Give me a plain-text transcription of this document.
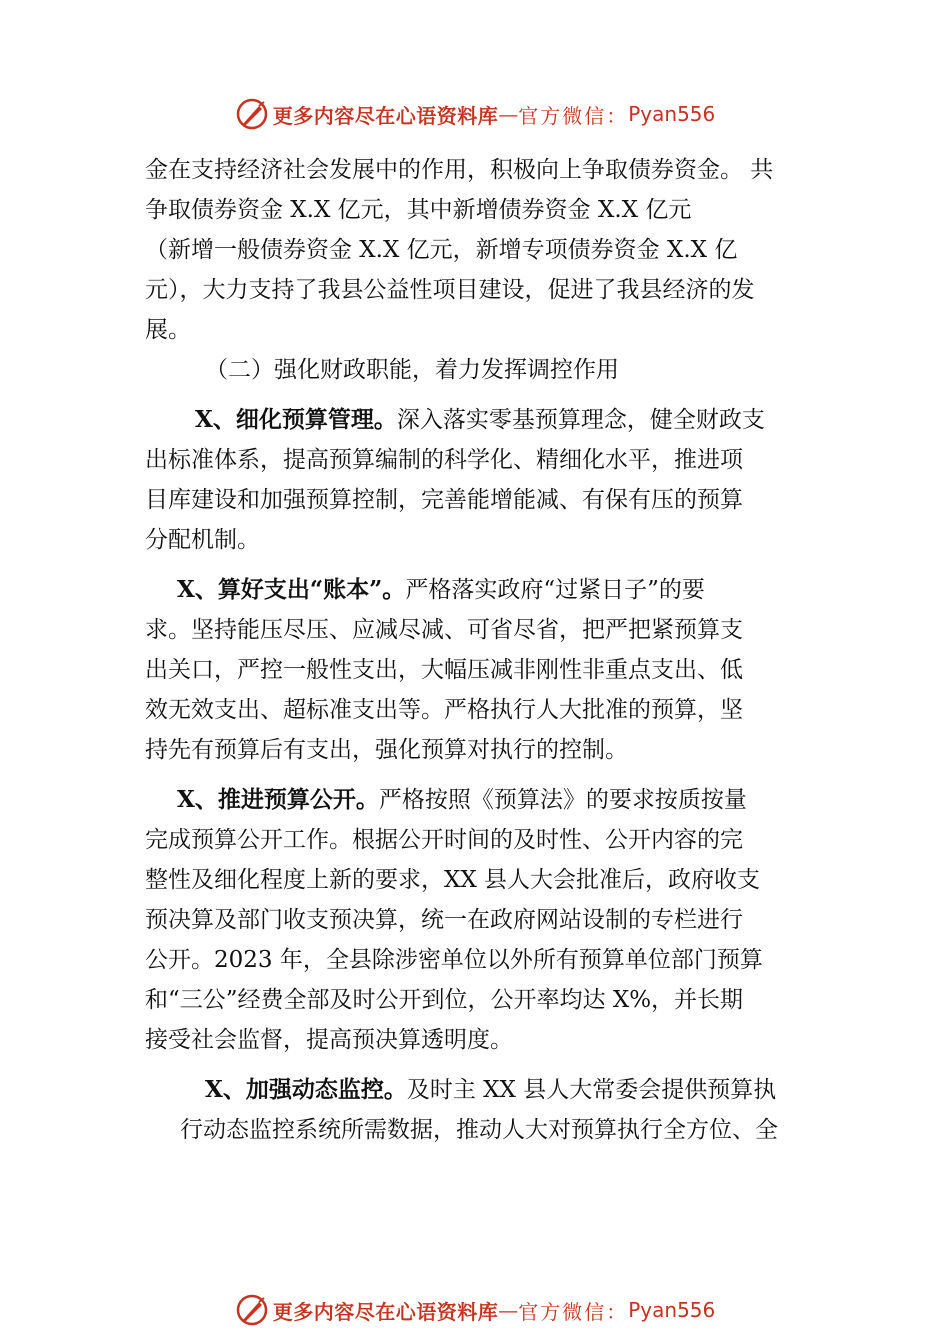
更多内容尽在心语资料库 — 官方微信： Pyan556
金在支持经济社会发展中的作用，积极向上争取债券资金。 共
争取债券资金 X.X 亿元，其中新增债券资金 X.X 亿元
（新增一般债券资金 X.X 亿元，新增专项债券资金 X.X 亿
元），大力支持了我县公益性项目建设，促进了我县经济的发
展。
（二）强化财政职能，着力发挥调控作用
X、细化预算管理。深入落实零基预算理念，健全财政支
出标准体系，提高预算编制的科学化、精细化水平，推进项
目库建设和加强预算控制，完善能增能减、有保有压的预算
分配机制。
X、算好支出“账本”。严格落实政府“过紧日子”的要
求。坚持能压尽压、应减尽减、可省尽省，把严把紧预算支
出关口，严控一般性支出，大幅压减非刚性非重点支出、低
效无效支出、超标准支出等。严格执行人大批准的预算，坚
持先有预算后有支出，强化预算对执行的控制。
X、推进预算公开。严格按照《预算法》的要求按质按量
完成预算公开工作。根据公开时间的及时性、公开内容的完
整性及细化程度上新的要求，XX 县人大会批准后，政府收支
预决算及部门收支预决算，统一在政府网站设制的专栏进行
公开。2023 年，全县除涉密单位以外所有预算单位部门预算
和“三公”经费全部及时公开到位，公开率均达 X%，并长期
接受社会监督，提高预决算透明度。
X、加强动态监控。及时主 XX 县人大常委会提供预算执
行动态监控系统所需数据，推动人大对预算执行全方位、全
更多内容尽在心语资料库 — 官方微信： Pyan556
